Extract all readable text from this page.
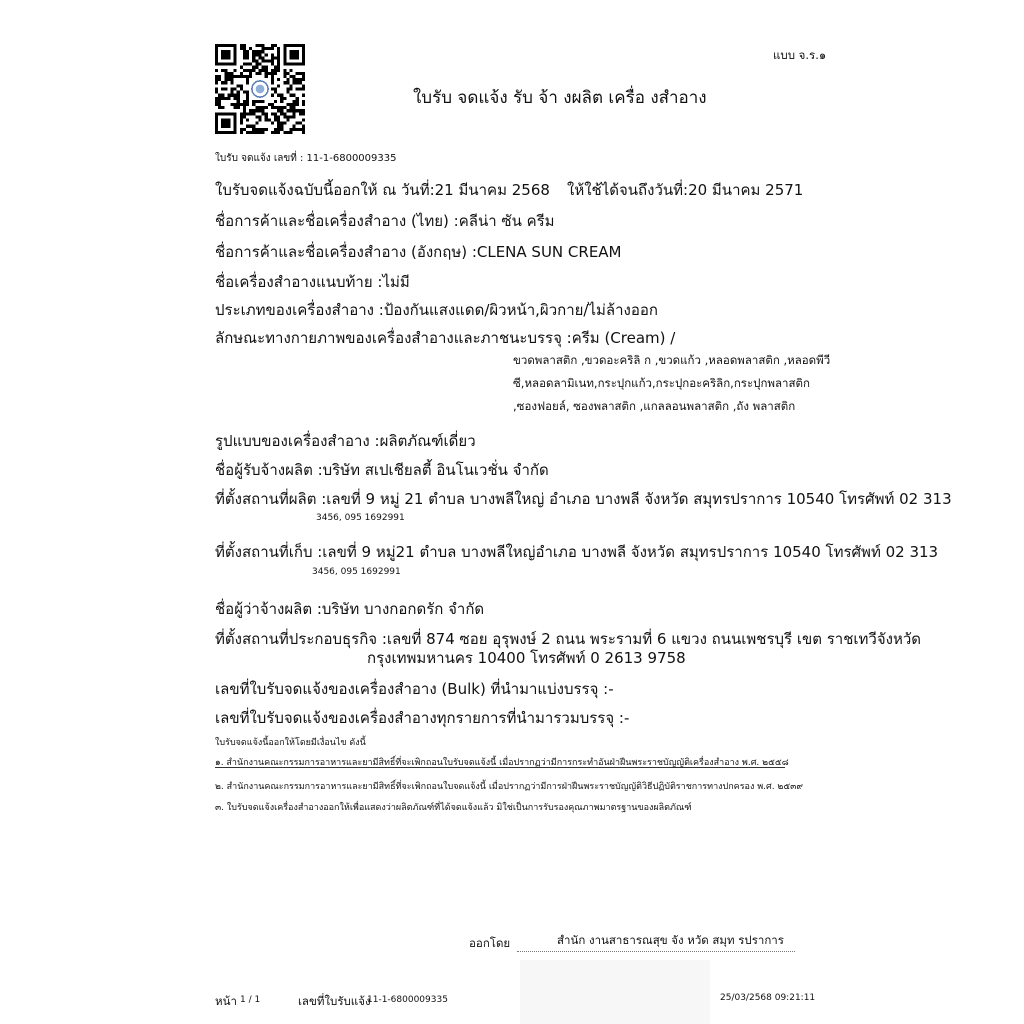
แบบ จ.ร.๑
ใบรับ จดแจ้ง รับ จ้า งผลิต เครื่อ งสำอาง
ใบรับ จดแจ้ง เลขที่ : 11-1-6800009335
ใบรับจดแจ้งฉบับนี้ออกให้ ณ วันที่:21 มีนาคม 2568 ให้ใช้ได้จนถึงวันที่:20 มีนาคม 2571
ชื่อการค้าและชื่อเครื่องสำอาง (ไทย) :คลีน่า ซัน ครีม
ชื่อการค้าและชื่อเครื่องสำอาง (อังกฤษ) :CLENA SUN CREAM
ชื่อเครื่องสำอางแนบท้าย :ไม่มี
ประเภทของเครื่องสำอาง :ป้องกันแสงแดด/ผิวหน้า,ผิวกาย/ไม่ล้างออก
ลักษณะทางกายภาพของเครื่องสำอางและภาชนะบรรจุ :ครีม (Cream) /
ขวดพลาสติก ,ขวดอะคริลิ ก ,ขวดแก้ว ,หลอดพลาสติก ,หลอดพีวี
ซี,หลอดลามิเนท,กระปุกแก้ว,กระปุกอะคริลิก,กระปุกพลาสติก
,ซองฟอยล์, ซองพลาสติก ,แกลลอนพลาสติก ,ถัง พลาสติก
รูปแบบของเครื่องสำอาง :ผลิตภัณฑ์เดี่ยว
ชื่อผู้รับจ้างผลิต :บริษัท สเปเชียลตี้ อินโนเวชั่น จำกัด
ที่ตั้งสถานที่ผลิต :เลขที่ 9 หมู่ 21 ตำบล บางพลีใหญ่ อำเภอ บางพลี จังหวัด สมุทรปราการ 10540 โทรศัพท์ 02 313
3456, 095 1692991
ที่ตั้งสถานที่เก็บ :เลขที่ 9 หมู่21 ตำบล บางพลีใหญ่อำเภอ บางพลี จังหวัด สมุทรปราการ 10540 โทรศัพท์ 02 313
3456, 095 1692991
ชื่อผู้ว่าจ้างผลิต :บริษัท บางกอกดรัก จำกัด
ที่ตั้งสถานที่ประกอบธุรกิจ :เลขที่ 874 ซอย อุรุพงษ์ 2 ถนน พระรามที่ 6 แขวง ถนนเพชรบุรี เขต ราชเทวีจังหวัด
กรุงเทพมหานคร 10400 โทรศัพท์ 0 2613 9758
เลขที่ใบรับจดแจ้งของเครื่องสำอาง (Bulk) ที่นำมาแบ่งบรรจุ :-
เลขที่ใบรับจดแจ้งของเครื่องสำอางทุกรายการที่นำมารวมบรรจุ :-
ใบรับจดแจ้งนี้ออกให้โดยมีเงื่อนไข ดังนี้
๑. สำนักงานคณะกรรมการอาหารและยามีสิทธิ์ที่จะเพิกถอนใบรับจดแจ้งนี้ เมื่อปรากฏว่ามีการกระทำอันฝ่าฝืนพระราชบัญญัติเครื่องสำอาง พ.ศ. ๒๕๕๘
๒. สำนักงานคณะกรรมการอาหารและยามีสิทธิ์ที่จะเพิกถอนใบจดแจ้งนี้ เมื่อปรากฏว่ามีการฝ่าฝืนพระราชบัญญัติวิธีปฏิบัติราชการทางปกครอง พ.ศ. ๒๕๓๙
๓. ใบรับจดแจ้งเครื่องสำอางออกให้เพื่อแสดงว่าผลิตภัณฑ์ที่ได้จดแจ้งแล้ว มิใช่เป็นการรับรองคุณภาพมาตรฐานของผลิตภัณฑ์
ออกโดย	สำนัก งานสาธารณสุข จัง หวัด สมุท รปราการ
หน้า 1 / 1	เลขที่ใบรับแจ้ง
11-1-6800009335	25/03/2568 09:21:11
